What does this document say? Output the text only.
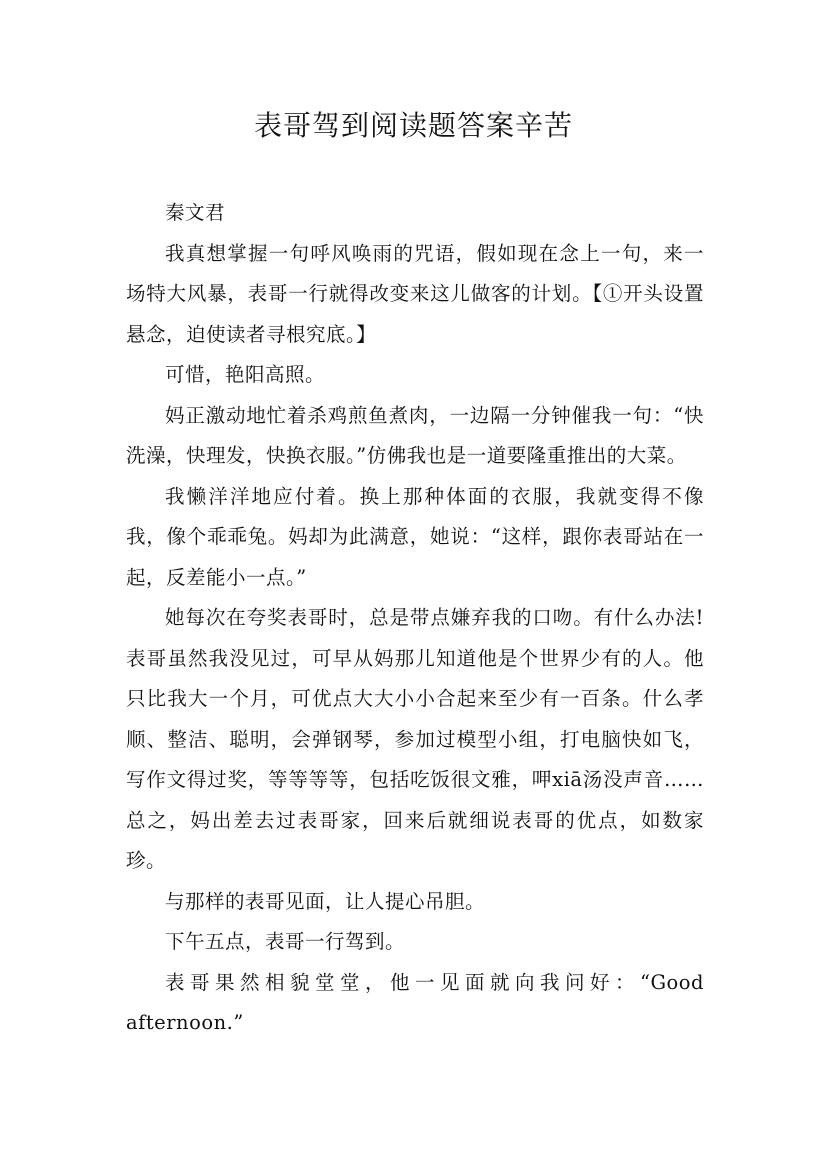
表哥驾到阅读题答案辛苦

秦文君

我真想掌握一句呼风唤雨的咒语，假如现在念上一句，来一场特大风暴，表哥一行就得改变来这儿做客的计划。【①开头设置悬念，迫使读者寻根究底。】

可惜，艳阳高照。

妈正激动地忙着杀鸡煎鱼煮肉，一边隔一分钟催我一句：“快洗澡，快理发，快换衣服。”仿佛我也是一道要隆重推出的大菜。

我懒洋洋地应付着。换上那种体面的衣服，我就变得不像我，像个乖乖兔。妈却为此满意，她说：“这样，跟你表哥站在一起，反差能小一点。”

她每次在夸奖表哥时，总是带点嫌弃我的口吻。有什么办法!表哥虽然我没见过，可早从妈那儿知道他是个世界少有的人。他只比我大一个月，可优点大大小小合起来至少有一百条。什么孝顺、整洁、聪明，会弹钢琴，参加过模型小组，打电脑快如飞，写作文得过奖，等等等等，包括吃饭很文雅，呷xiā汤没声音……总之，妈出差去过表哥家，回来后就细说表哥的优点，如数家珍。

与那样的表哥见面，让人提心吊胆。

下午五点，表哥一行驾到。

表哥果然相貌堂堂，他一见面就向我问好：“Good afternoon.”
